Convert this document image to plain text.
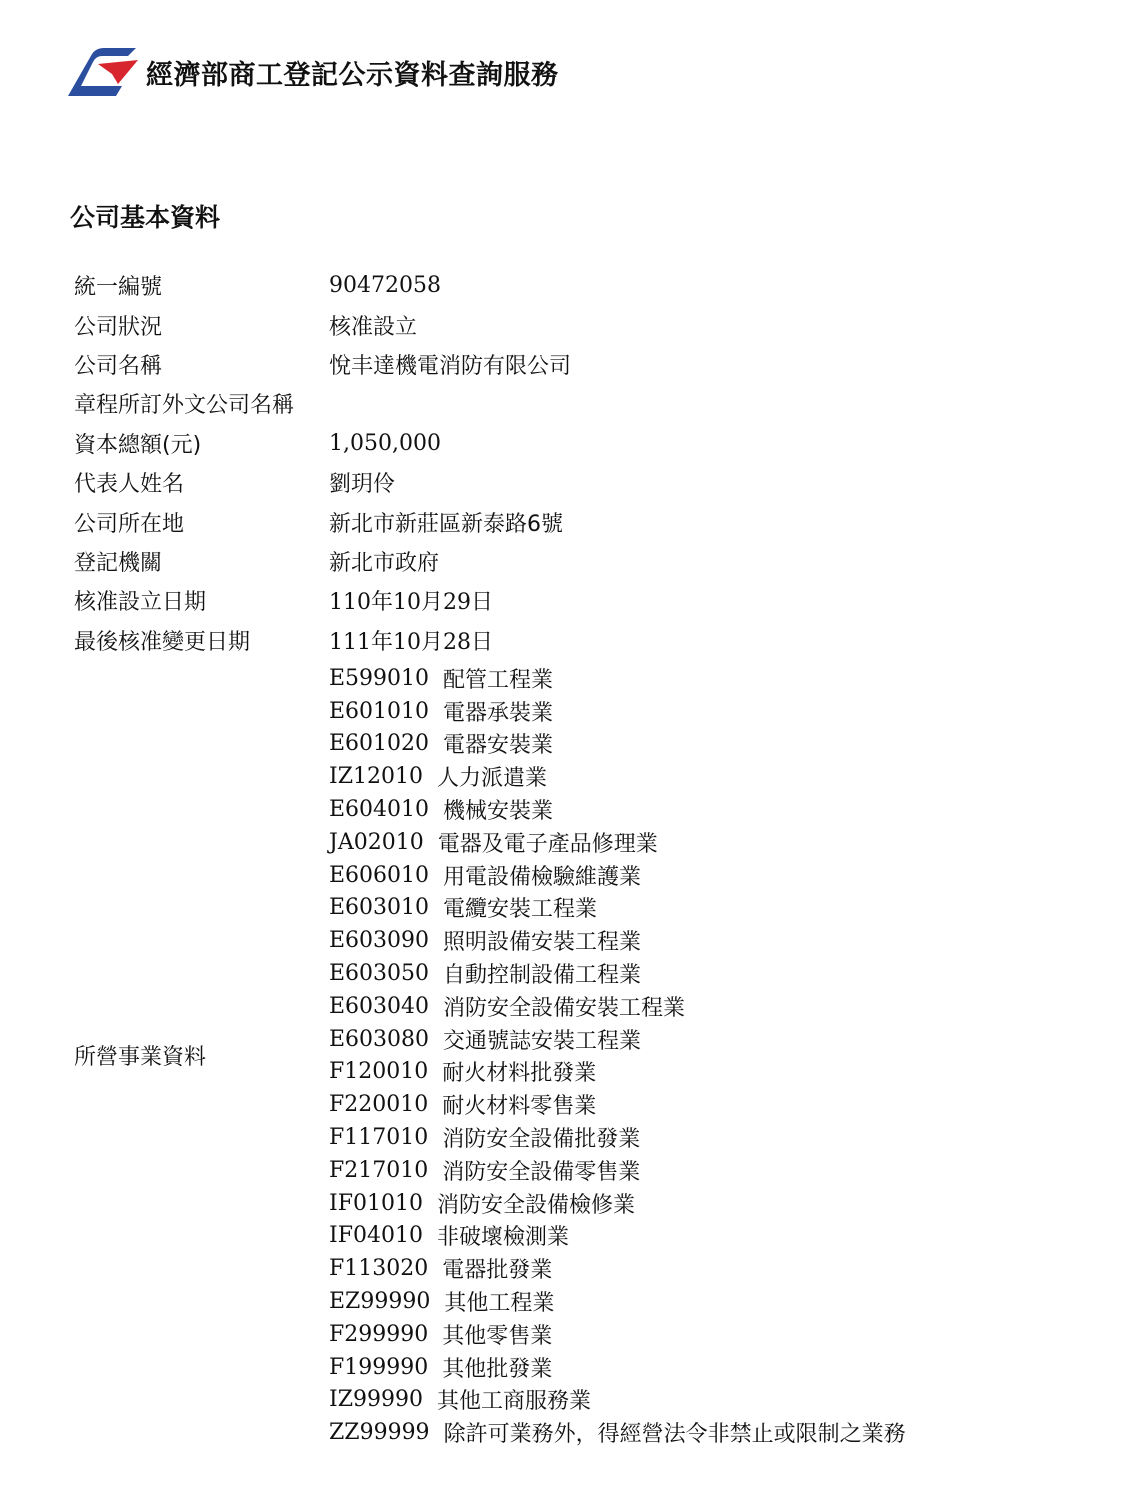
經濟部商工登記公示資料查詢服務
公司基本資料
統一編號	90472058
公司狀況	核准設立
公司名稱	悅丰達機電消防有限公司
章程所訂外文公司名稱
資本總額(元)	1,050,000
代表人姓名	劉玥伶
公司所在地	新北市新莊區新泰路6號
登記機關	新北市政府
核准設立日期	110年10月29日
最後核准變更日期	111年10月28日
所營事業資料
E599010 配管工程業
E601010 電器承裝業
E601020 電器安裝業
IZ12010 人力派遣業
E604010 機械安裝業
JA02010 電器及電子產品修理業
E606010 用電設備檢驗維護業
E603010 電纜安裝工程業
E603090 照明設備安裝工程業
E603050 自動控制設備工程業
E603040 消防安全設備安裝工程業
E603080 交通號誌安裝工程業
F120010 耐火材料批發業
F220010 耐火材料零售業
F117010 消防安全設備批發業
F217010 消防安全設備零售業
IF01010 消防安全設備檢修業
IF04010 非破壞檢測業
F113020 電器批發業
EZ99990 其他工程業
F299990 其他零售業
F199990 其他批發業
IZ99990 其他工商服務業
ZZ99999 除許可業務外，得經營法令非禁止或限制之業務
